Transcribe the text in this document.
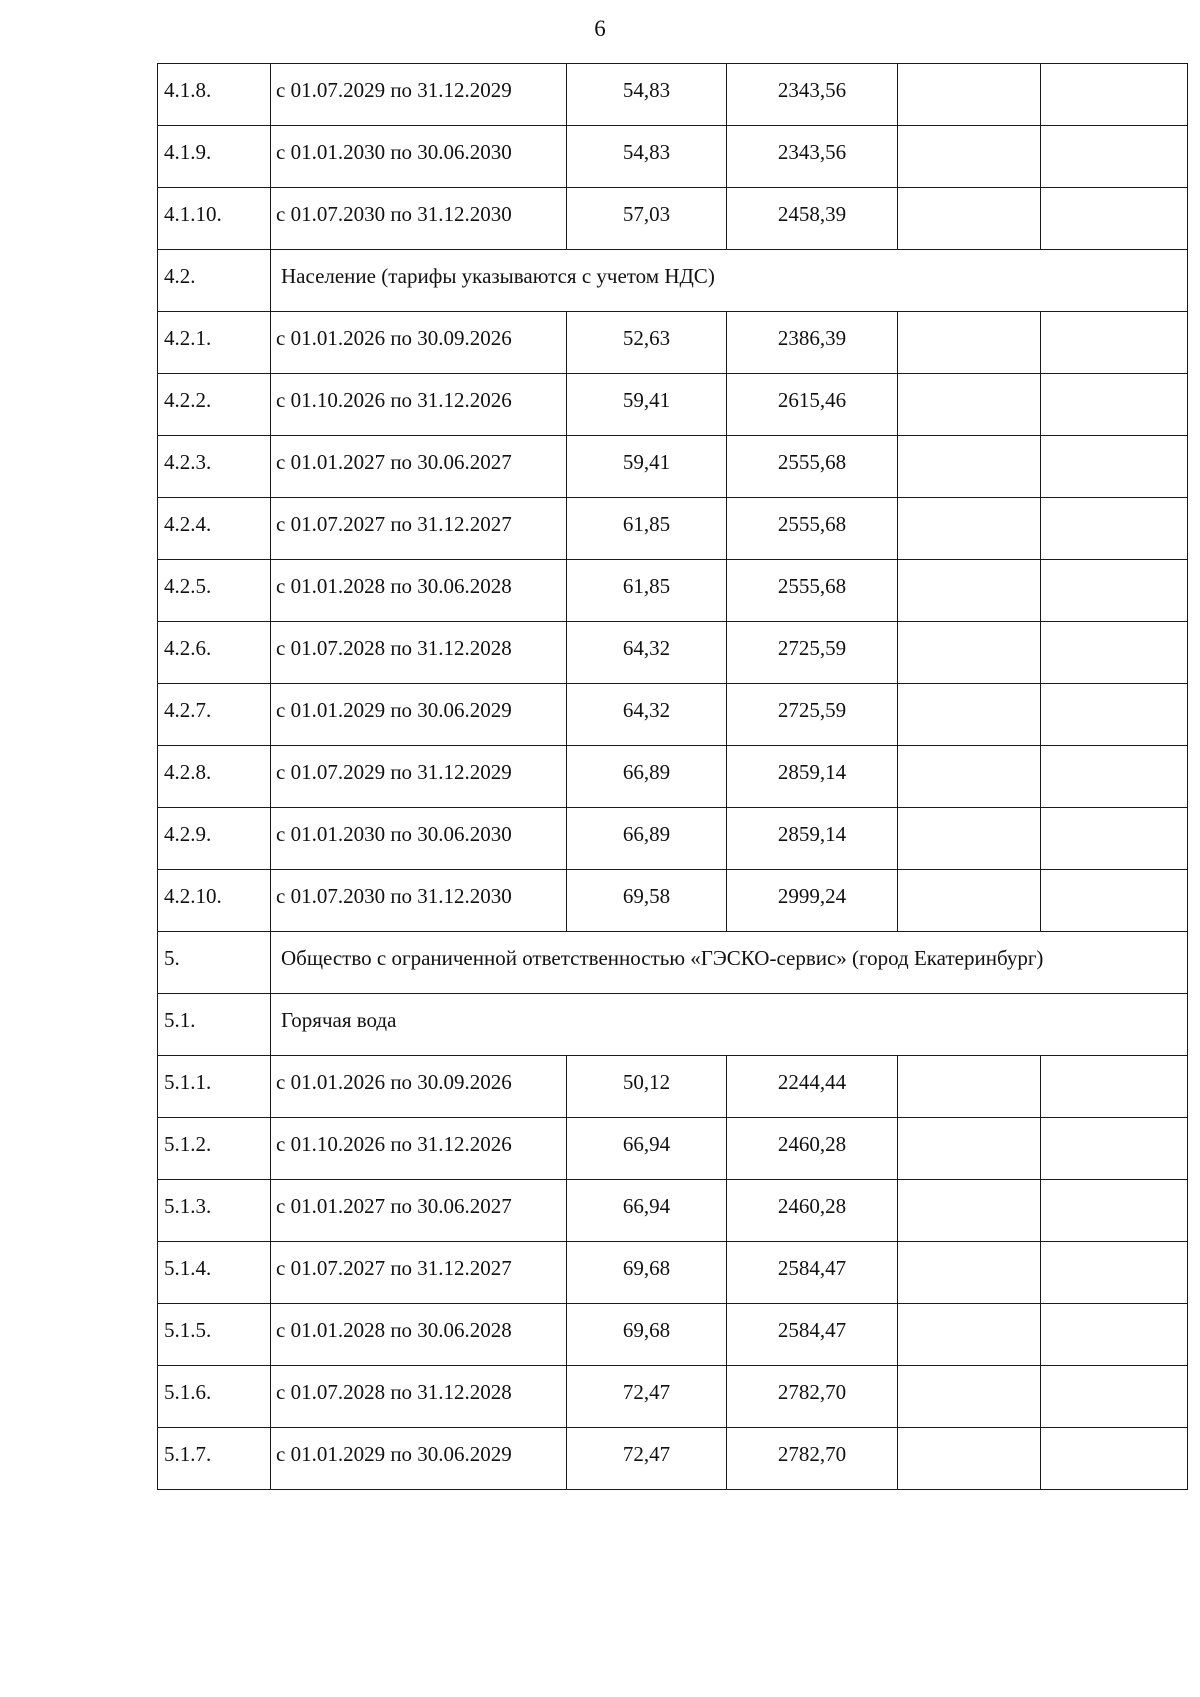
6
4.1.8.	с 01.07.2029 по 31.12.2029	54,83	2343,56		

4.1.9.	с 01.01.2030 по 30.06.2030	54,83	2343,56		

4.1.10.	с 01.07.2030 по 31.12.2030	57,03	2458,39		

4.2.	Население (тарифы указываются с учетом НДС)				

4.2.1.	с 01.01.2026 по 30.09.2026	52,63	2386,39		

4.2.2.	с 01.10.2026 по 31.12.2026	59,41	2615,46		

4.2.3.	с 01.01.2027 по 30.06.2027	59,41	2555,68		

4.2.4.	с 01.07.2027 по 31.12.2027	61,85	2555,68		

4.2.5.	с 01.01.2028 по 30.06.2028	61,85	2555,68		

4.2.6.	с 01.07.2028 по 31.12.2028	64,32	2725,59		

4.2.7.	с 01.01.2029 по 30.06.2029	64,32	2725,59		

4.2.8.	с 01.07.2029 по 31.12.2029	66,89	2859,14		

4.2.9.	с 01.01.2030 по 30.06.2030	66,89	2859,14		

4.2.10.	с 01.07.2030 по 31.12.2030	69,58	2999,24		

5.	Общество с ограниченной ответственностью «ГЭСКО-сервис» (город Екатеринбург)				

5.1.	Горячая вода				

5.1.1.	с 01.01.2026 по 30.09.2026	50,12	2244,44		

5.1.2.	с 01.10.2026 по 31.12.2026	66,94	2460,28		

5.1.3.	с 01.01.2027 по 30.06.2027	66,94	2460,28		

5.1.4.	с 01.07.2027 по 31.12.2027	69,68	2584,47		

5.1.5.	с 01.01.2028 по 30.06.2028	69,68	2584,47		

5.1.6.	с 01.07.2028 по 31.12.2028	72,47	2782,70		

5.1.7.	с 01.01.2029 по 30.06.2029	72,47	2782,70		
